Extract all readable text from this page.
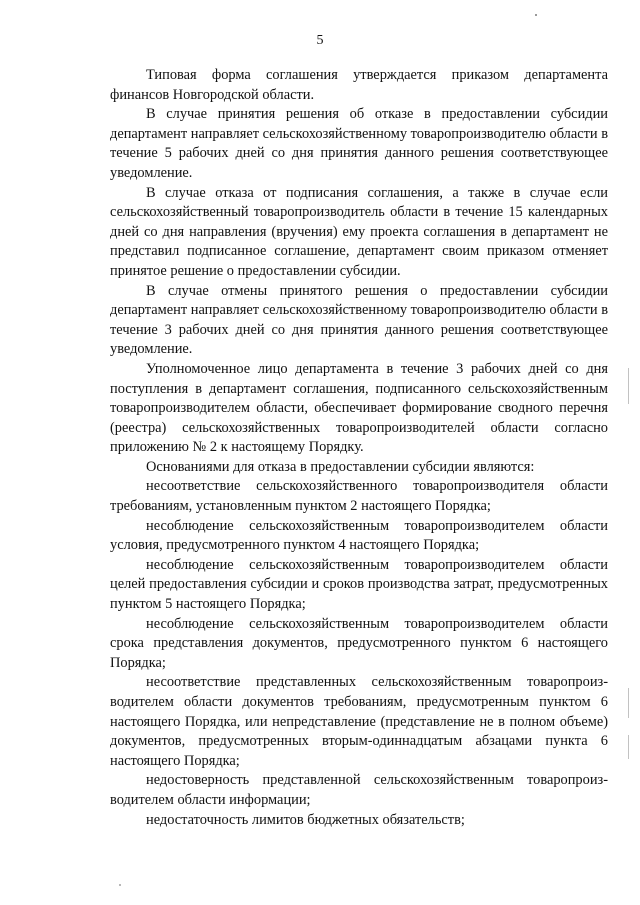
5

Типовая форма соглашения утверждается приказом департамента финансов Новгородской области.

В случае принятия решения об отказе в предоставлении субсидии департамент направляет сельскохозяйственному товаропроизводителю области в течение 5 рабочих дней со дня принятия данного решения соответствующее уведомление.

В случае отказа от подписания соглашения, а также в случае если сельскохозяйственный товаропроизводитель области в течение 15 календарных дней со дня направления (вручения) ему проекта соглашения в департамент не представил подписанное соглашение, департамент своим приказом отменяет принятое решение о предоставлении субсидии.

В случае отмены принятого решения о предоставлении субсидии департамент направляет сельскохозяйственному товаропроизводителю области в течение 3 рабочих дней со дня принятия данного решения соответствующее уведомление.

Уполномоченное лицо департамента в течение 3 рабочих дней со дня поступления в департамент соглашения, подписанного сельскохозяйственным товаропроизводителем области, обеспечивает формирование сводного перечня (реестра) сельскохозяйственных товаропроизводителей области согласно приложению № 2 к настоящему Порядку.

Основаниями для отказа в предоставлении субсидии являются:

несоответствие сельскохозяйственного товаропроизводителя области требованиям, установленным пунктом 2 настоящего Порядка;

несоблюдение сельскохозяйственным товаропроизводителем области условия, предусмотренного пунктом 4 настоящего Порядка;

несоблюдение сельскохозяйственным товаропроизводителем области целей предоставления субсидии и сроков производства затрат, предусмотренных пунктом 5 настоящего Порядка;

несоблюдение сельскохозяйственным товаропроизводителем области срока представления документов, предусмотренного пунктом 6 настоящего Порядка;

несоответствие представленных сельскохозяйственным товаропроизводителем области документов требованиям, предусмотренным пунктом 6 настоящего Порядка, или непредставление (представление не в полном объеме) документов, предусмотренных вторым-одиннадцатым абзацами пункта 6 настоящего Порядка;

недостоверность представленной сельскохозяйственным товаропроизводителем области информации;

недостаточность лимитов бюджетных обязательств;
